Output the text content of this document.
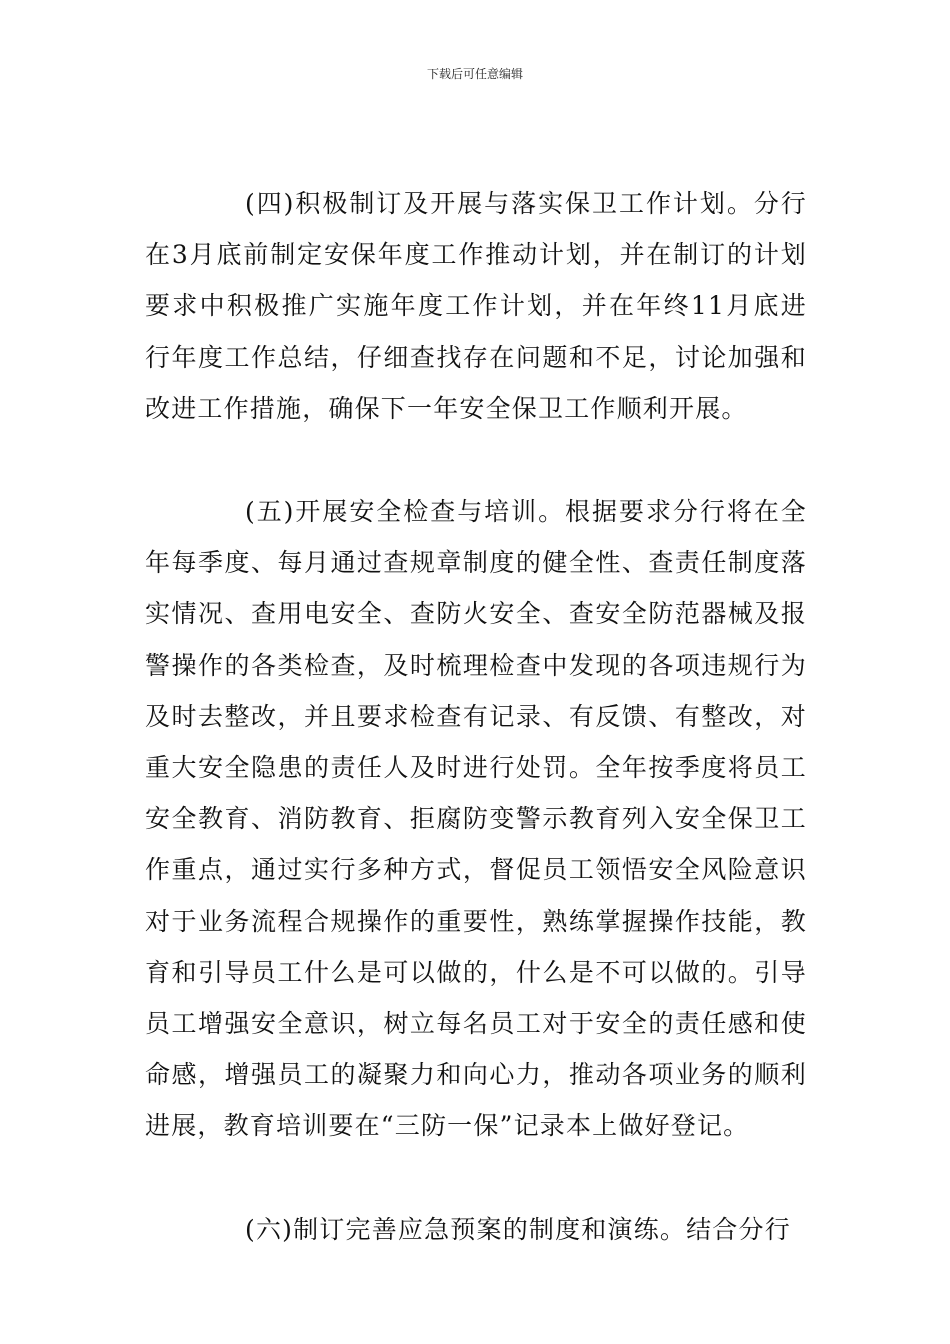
下载后可任意编辑

(四)积极制订及开展与落实保卫工作计划。分行在3月底前制定安保年度工作推动计划，并在制订的计划要求中积极推广实施年度工作计划，并在年终11月底进行年度工作总结，仔细查找存在问题和不足，讨论加强和改进工作措施，确保下一年安全保卫工作顺利开展。

(五)开展安全检查与培训。根据要求分行将在全年每季度、每月通过查规章制度的健全性、查责任制度落实情况、查用电安全、查防火安全、查安全防范器械及报警操作的各类检查，及时梳理检查中发现的各项违规行为及时去整改，并且要求检查有记录、有反馈、有整改，对重大安全隐患的责任人及时进行处罚。全年按季度将员工安全教育、消防教育、拒腐防变警示教育列入安全保卫工作重点，通过实行多种方式，督促员工领悟安全风险意识对于业务流程合规操作的重要性，熟练掌握操作技能，教育和引导员工什么是可以做的，什么是不可以做的。引导员工增强安全意识，树立每名员工对于安全的责任感和使命感，增强员工的凝聚力和向心力，推动各项业务的顺利进展，教育培训要在“三防一保”记录本上做好登记。

(六)制订完善应急预案的制度和演练。结合分行
